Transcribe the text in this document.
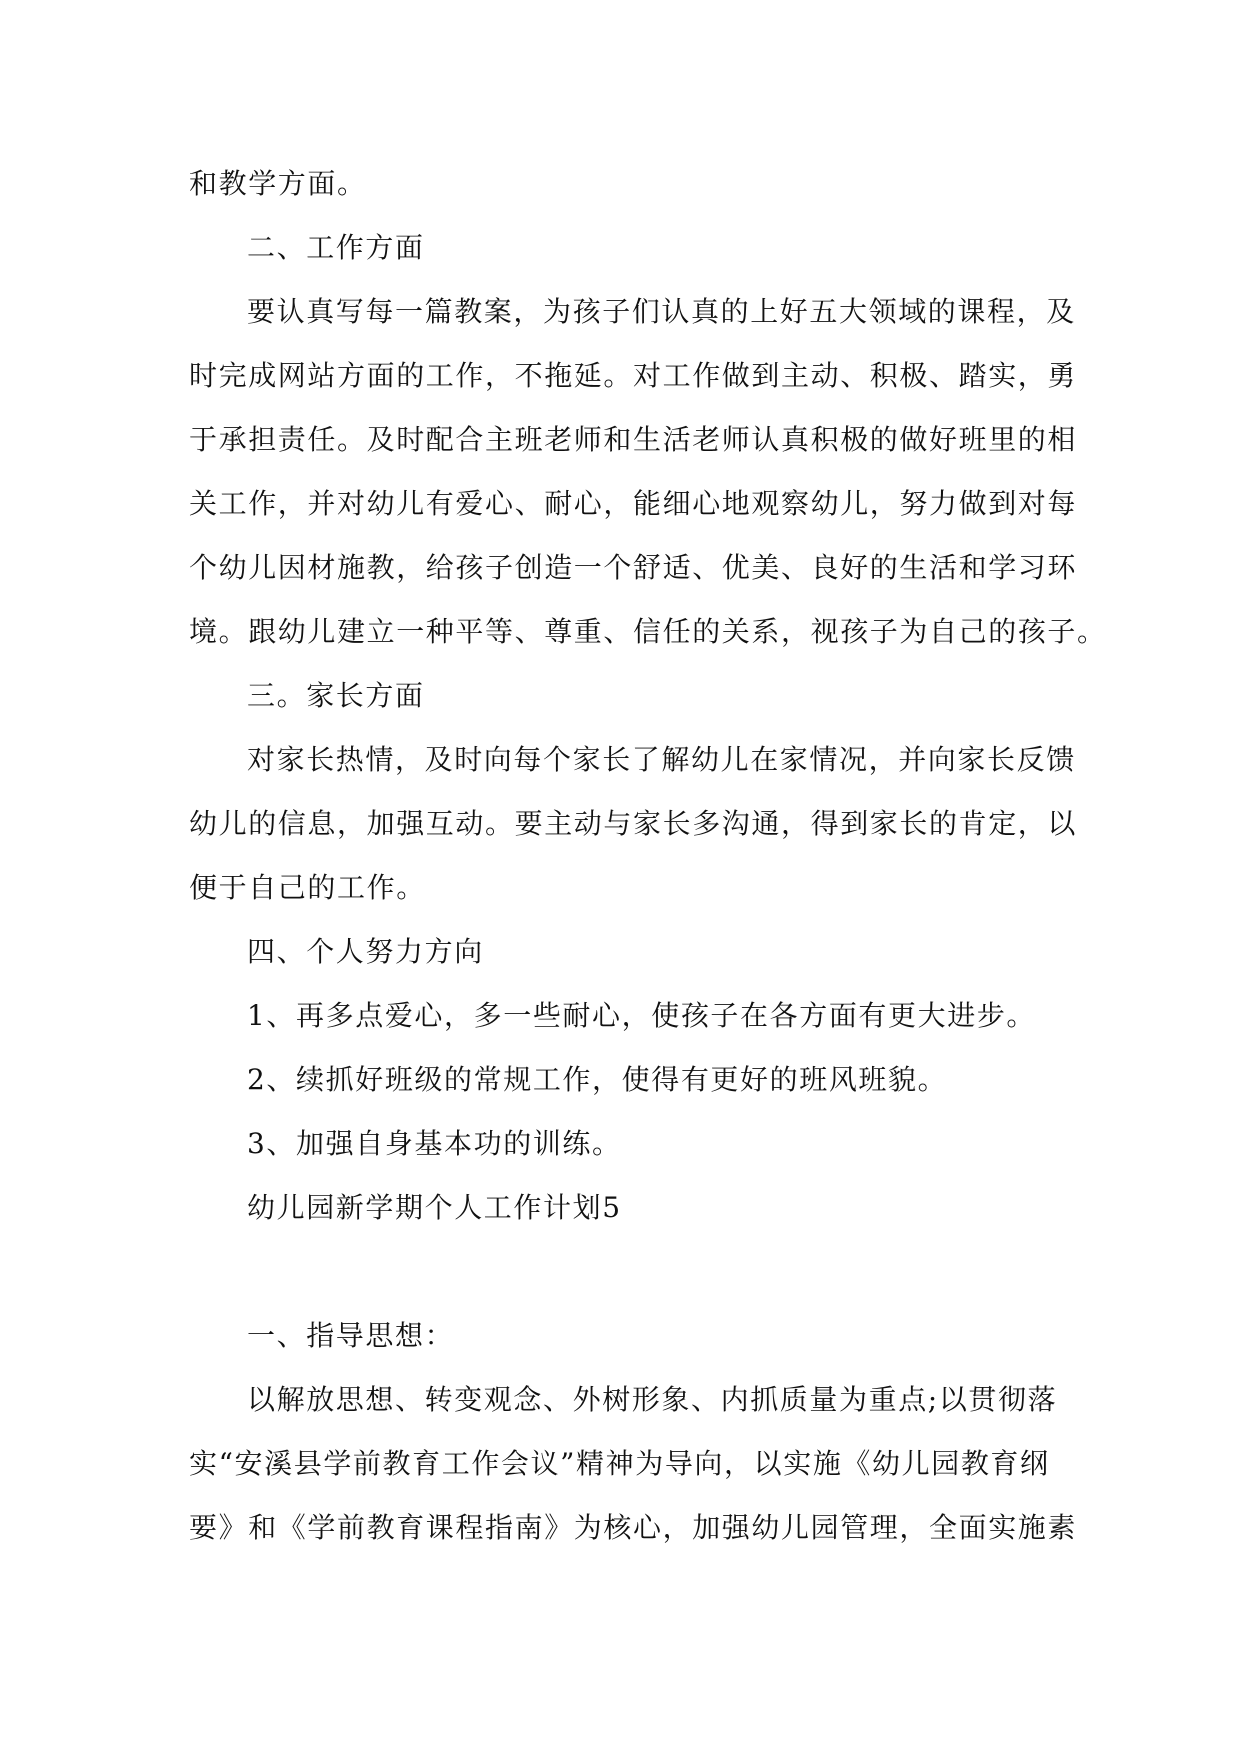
和教学方面。
二、工作方面
要认真写每一篇教案，为孩子们认真的上好五大领域的课程，及
时完成网站方面的工作，不拖延。对工作做到主动、积极、踏实，勇
于承担责任。及时配合主班老师和生活老师认真积极的做好班里的相
关工作，并对幼儿有爱心、耐心，能细心地观察幼儿，努力做到对每
个幼儿因材施教，给孩子创造一个舒适、优美、良好的生活和学习环
境。跟幼儿建立一种平等、尊重、信任的关系，视孩子为自己的孩子。
三。家长方面
对家长热情，及时向每个家长了解幼儿在家情况，并向家长反馈
幼儿的信息，加强互动。要主动与家长多沟通，得到家长的肯定，以
便于自己的工作。
四、个人努力方向
1、再多点爱心，多一些耐心，使孩子在各方面有更大进步。
2、续抓好班级的常规工作，使得有更好的班风班貌。
3、加强自身基本功的训练。
幼儿园新学期个人工作计划5
一、指导思想：
以解放思想、转变观念、外树形象、内抓质量为重点;以贯彻落
实“安溪县学前教育工作会议”精神为导向，以实施《幼儿园教育纲
要》和《学前教育课程指南》为核心，加强幼儿园管理，全面实施素
